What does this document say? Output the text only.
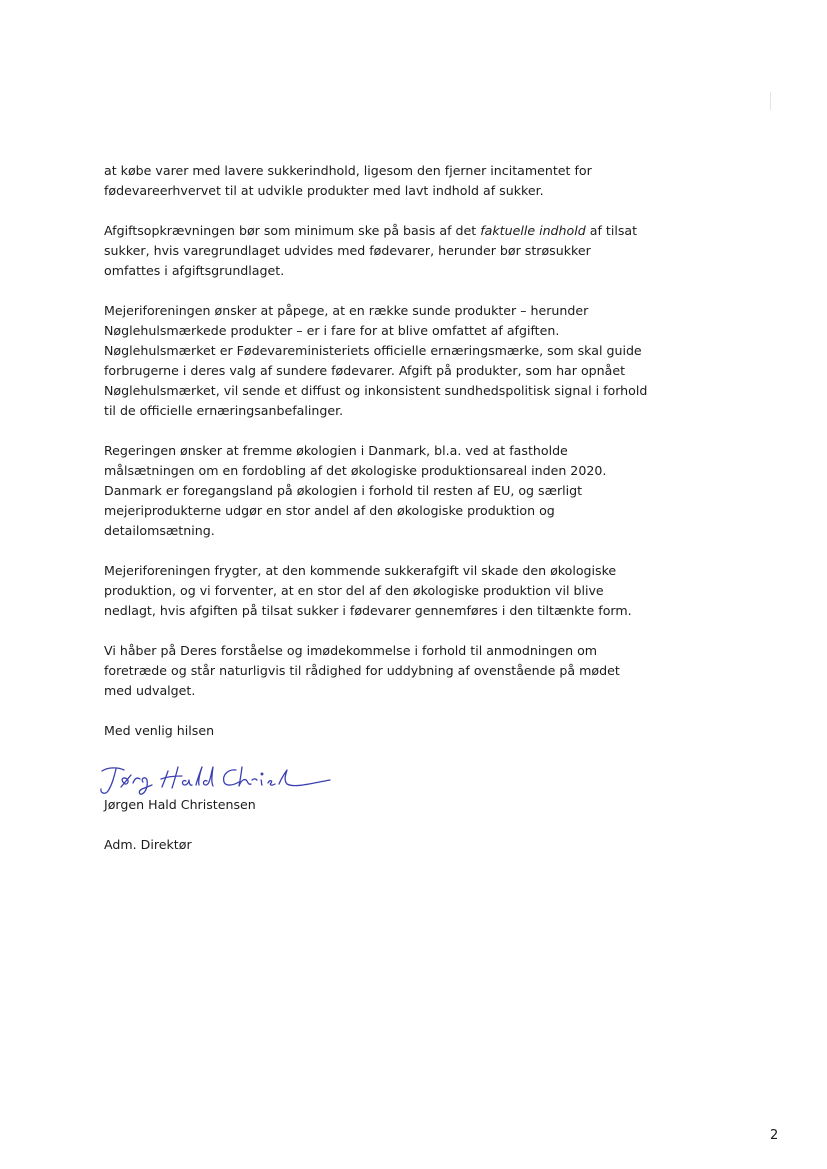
at købe varer med lavere sukkerindhold, ligesom den fjerner incitamentet for fødevareerhvervet til at udvikle produkter med lavt indhold af sukker.

Afgiftsopkrævningen bør som minimum ske på basis af det faktuelle indhold af tilsat sukker, hvis varegrundlaget udvides med fødevarer, herunder bør strøsukker omfattes i afgiftsgrundlaget.

Mejeriforeningen ønsker at påpege, at en række sunde produkter – herunder Nøglehulsmærkede produkter – er i fare for at blive omfattet af afgiften. Nøglehulsmærket er Fødevareministeriets officielle ernæringsmærke, som skal guide forbrugerne i deres valg af sundere fødevarer. Afgift på produkter, som har opnået Nøglehulsmærket, vil sende et diffust og inkonsistent sundhedspolitisk signal i forhold til de officielle ernæringsanbefalinger.

Regeringen ønsker at fremme økologien i Danmark, bl.a. ved at fastholde målsætningen om en fordobling af det økologiske produktionsareal inden 2020. Danmark er foregangsland på økologien i forhold til resten af EU, og særligt mejeriprodukterne udgør en stor andel af den økologiske produktion og detailomsætning.

Mejeriforeningen frygter, at den kommende sukkerafgift vil skade den økologiske produktion, og vi forventer, at en stor del af den økologiske produktion vil blive nedlagt, hvis afgiften på tilsat sukker i fødevarer gennemføres i den tiltænkte form.

Vi håber på Deres forståelse og imødekommelse i forhold til anmodningen om foretræde og står naturligvis til rådighed for uddybning af ovenstående på mødet med udvalget.

Med venlig hilsen

Jørgen Hald Christensen

Adm. Direktør

2
